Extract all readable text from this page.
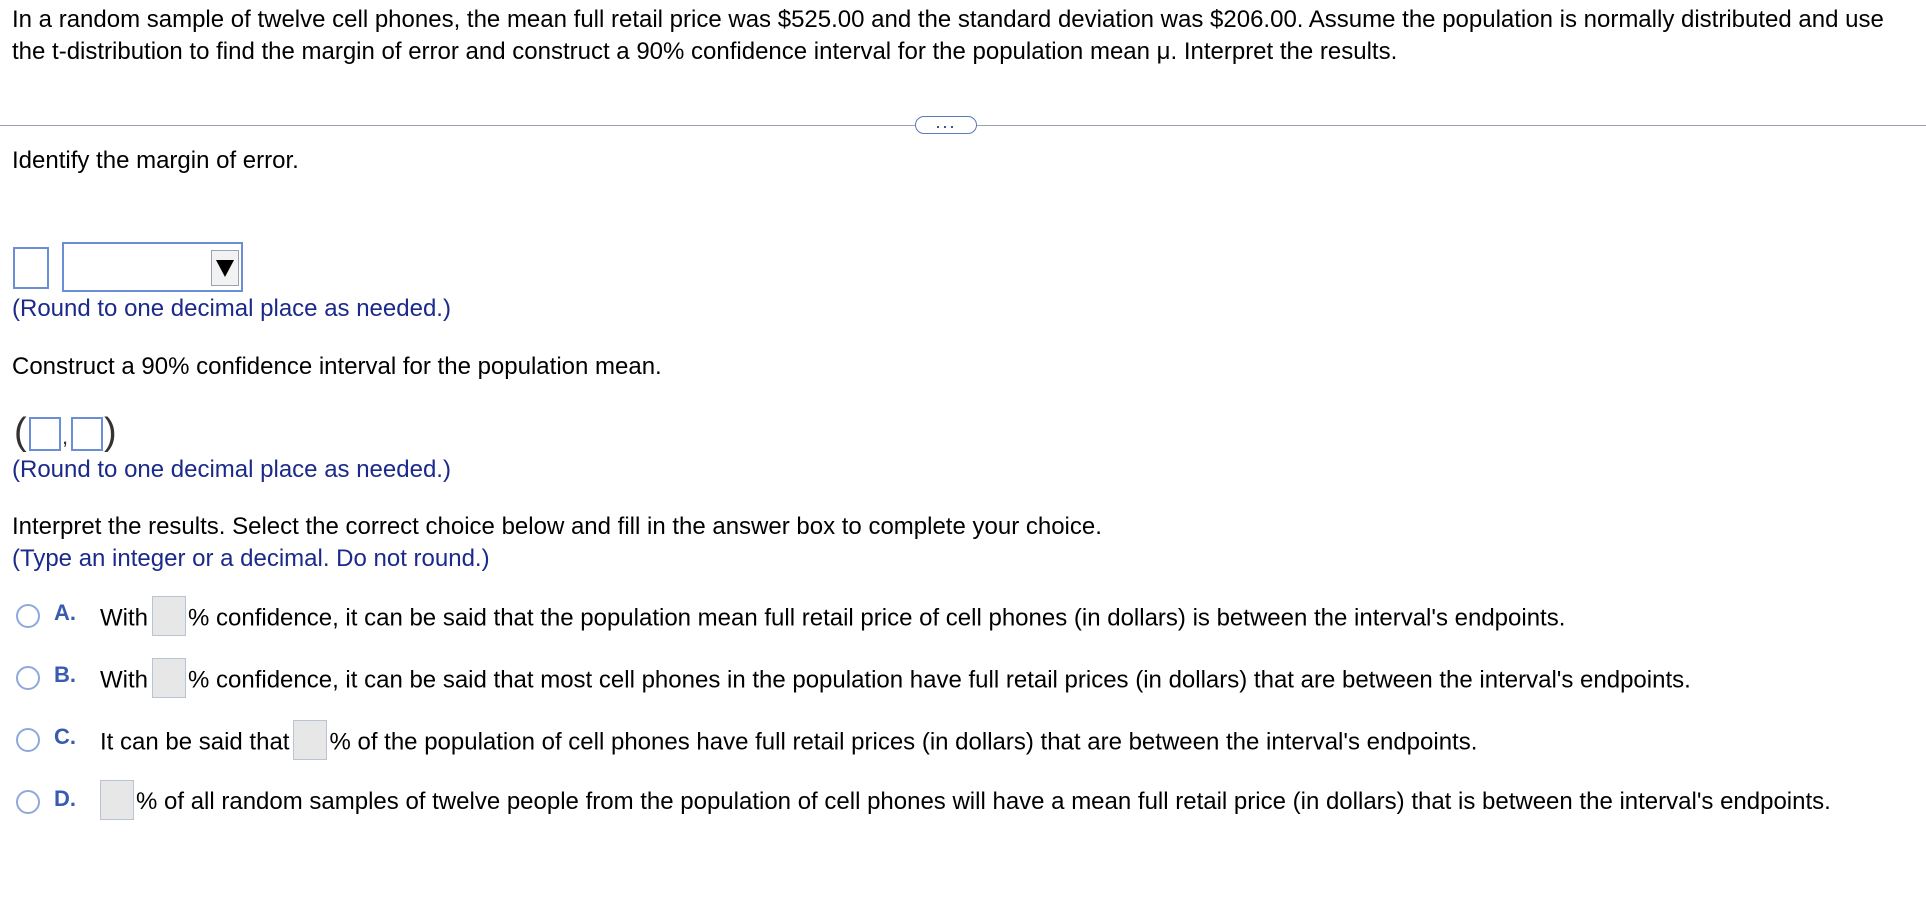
In a random sample of twelve cell phones, the mean full retail price was $525.00 and the standard deviation was $206.00. Assume the population is normally distributed and use the t-distribution to find the margin of error and construct a 90% confidence interval for the population mean μ. Interpret the results.
...
Identify the margin of error.
(Round to one decimal place as needed.)
Construct a 90% confidence interval for the population mean.
( , )
(Round to one decimal place as needed.)
Interpret the results. Select the correct choice below and fill in the answer box to complete your choice.
(Type an integer or a decimal. Do not round.)
A. With % confidence, it can be said that the population mean full retail price of cell phones (in dollars) is between the interval's endpoints.
B. With % confidence, it can be said that most cell phones in the population have full retail prices (in dollars) that are between the interval's endpoints.
C. It can be said that % of the population of cell phones have full retail prices (in dollars) that are between the interval's endpoints.
D.	% of all random samples of twelve people from the population of cell phones will have a mean full retail price (in dollars) that is between the interval's endpoints.
